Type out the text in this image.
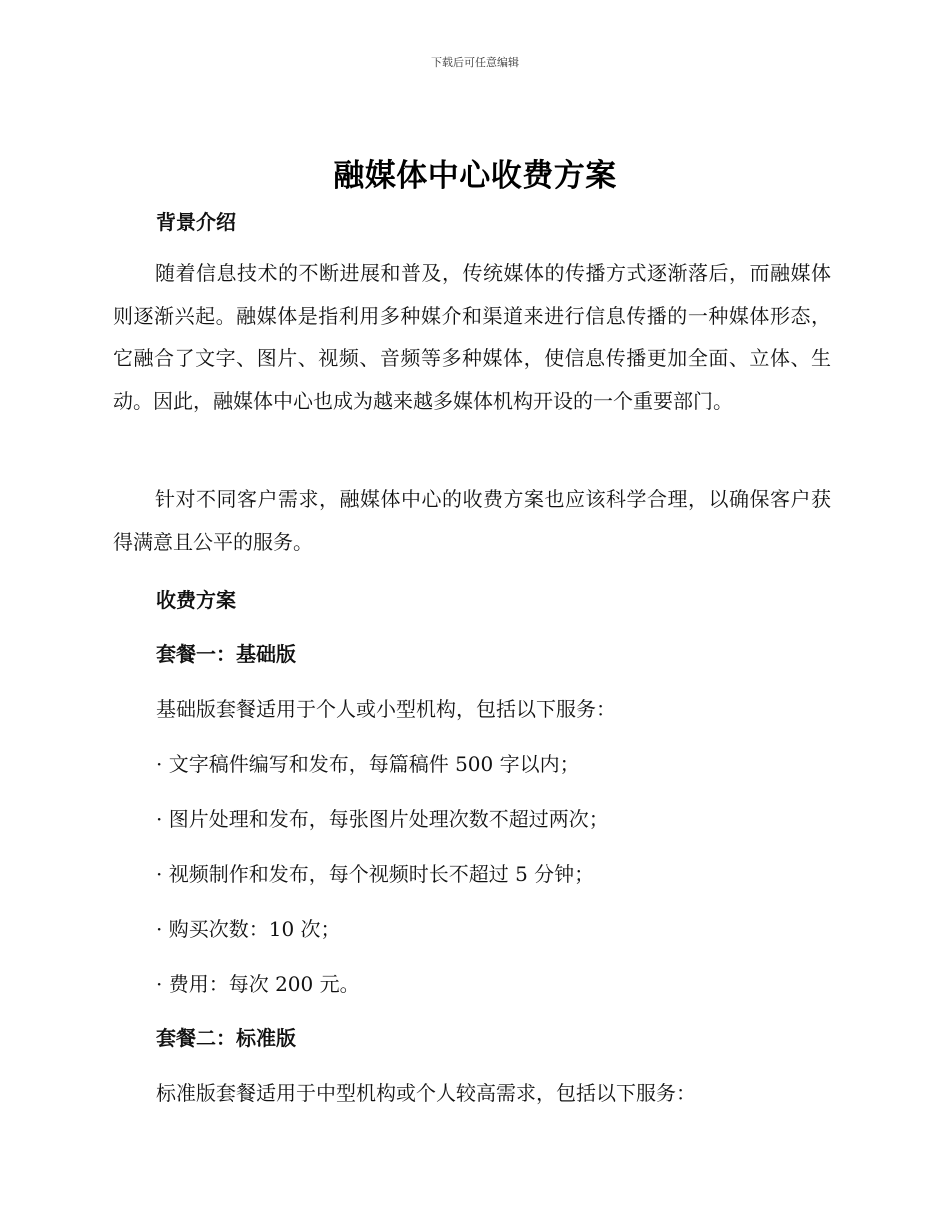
下载后可任意编辑
融媒体中心收费方案
背景介绍
随着信息技术的不断进展和普及，传统媒体的传播方式逐渐落后，而融媒体则逐渐兴起。融媒体是指利用多种媒介和渠道来进行信息传播的一种媒体形态，它融合了文字、图片、视频、音频等多种媒体，使信息传播更加全面、立体、生动。因此，融媒体中心也成为越来越多媒体机构开设的一个重要部门。
针对不同客户需求，融媒体中心的收费方案也应该科学合理，以确保客户获得满意且公平的服务。
收费方案
套餐一：基础版
基础版套餐适用于个人或小型机构，包括以下服务：
· 文字稿件编写和发布，每篇稿件 500 字以内；
· 图片处理和发布，每张图片处理次数不超过两次；
· 视频制作和发布，每个视频时长不超过 5 分钟；
· 购买次数：10 次；
· 费用：每次 200 元。
套餐二：标准版
标准版套餐适用于中型机构或个人较高需求，包括以下服务：
